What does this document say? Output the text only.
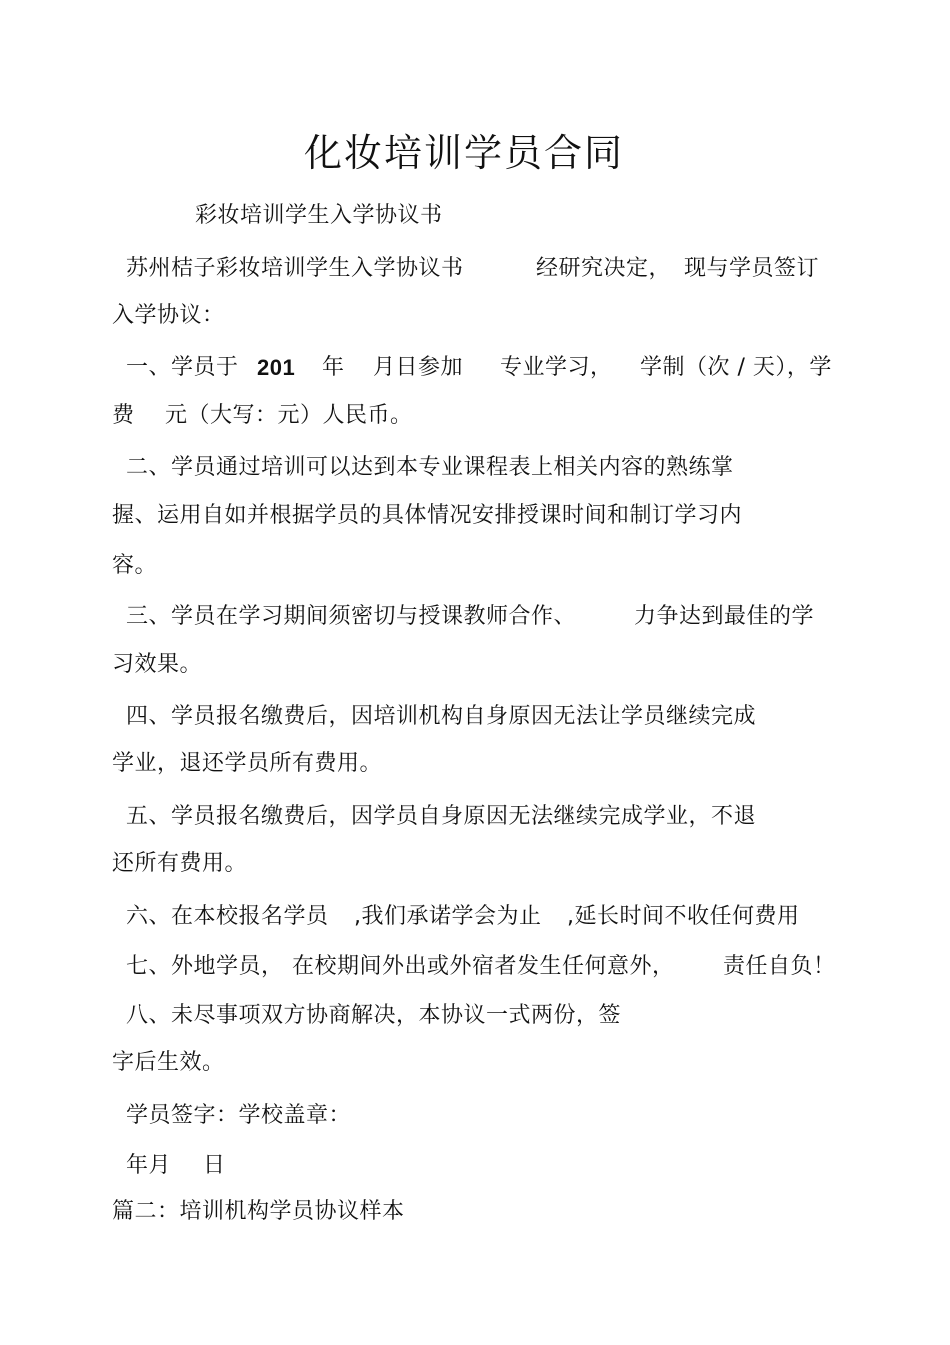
化妆培训学员合同
彩妆培训学生入学协议书
苏州桔子彩妆培训学生入学协议书	经研究决定， 现与学员签订
入学协议：
一、学员于 201 年 月日参加 专业学习， 学制（次 / 天），学
费 元（大写：元）人民币。
二、学员通过培训可以达到本专业课程表上相关内容的熟练掌
握、运用自如并根据学员的具体情况安排授课时间和制订学习内
容。
三、学员在学习期间须密切与授课教师合作、	力争达到最佳的学
习效果。
四、学员报名缴费后，因培训机构自身原因无法让学员继续完成
学业，退还学员所有费用。
五、学员报名缴费后，因学员自身原因无法继续完成学业，不退
还所有费用。
六、在本校报名学员 ,我们承诺学会为止 ,延长时间不收任何费用
七、外地学员， 在校期间外出或外宿者发生任何意外， 责任自负！
八、未尽事项双方协商解决，本协议一式两份，签
字后生效。
学员签字：学校盖章：
年月 日
篇二：培训机构学员协议样本
